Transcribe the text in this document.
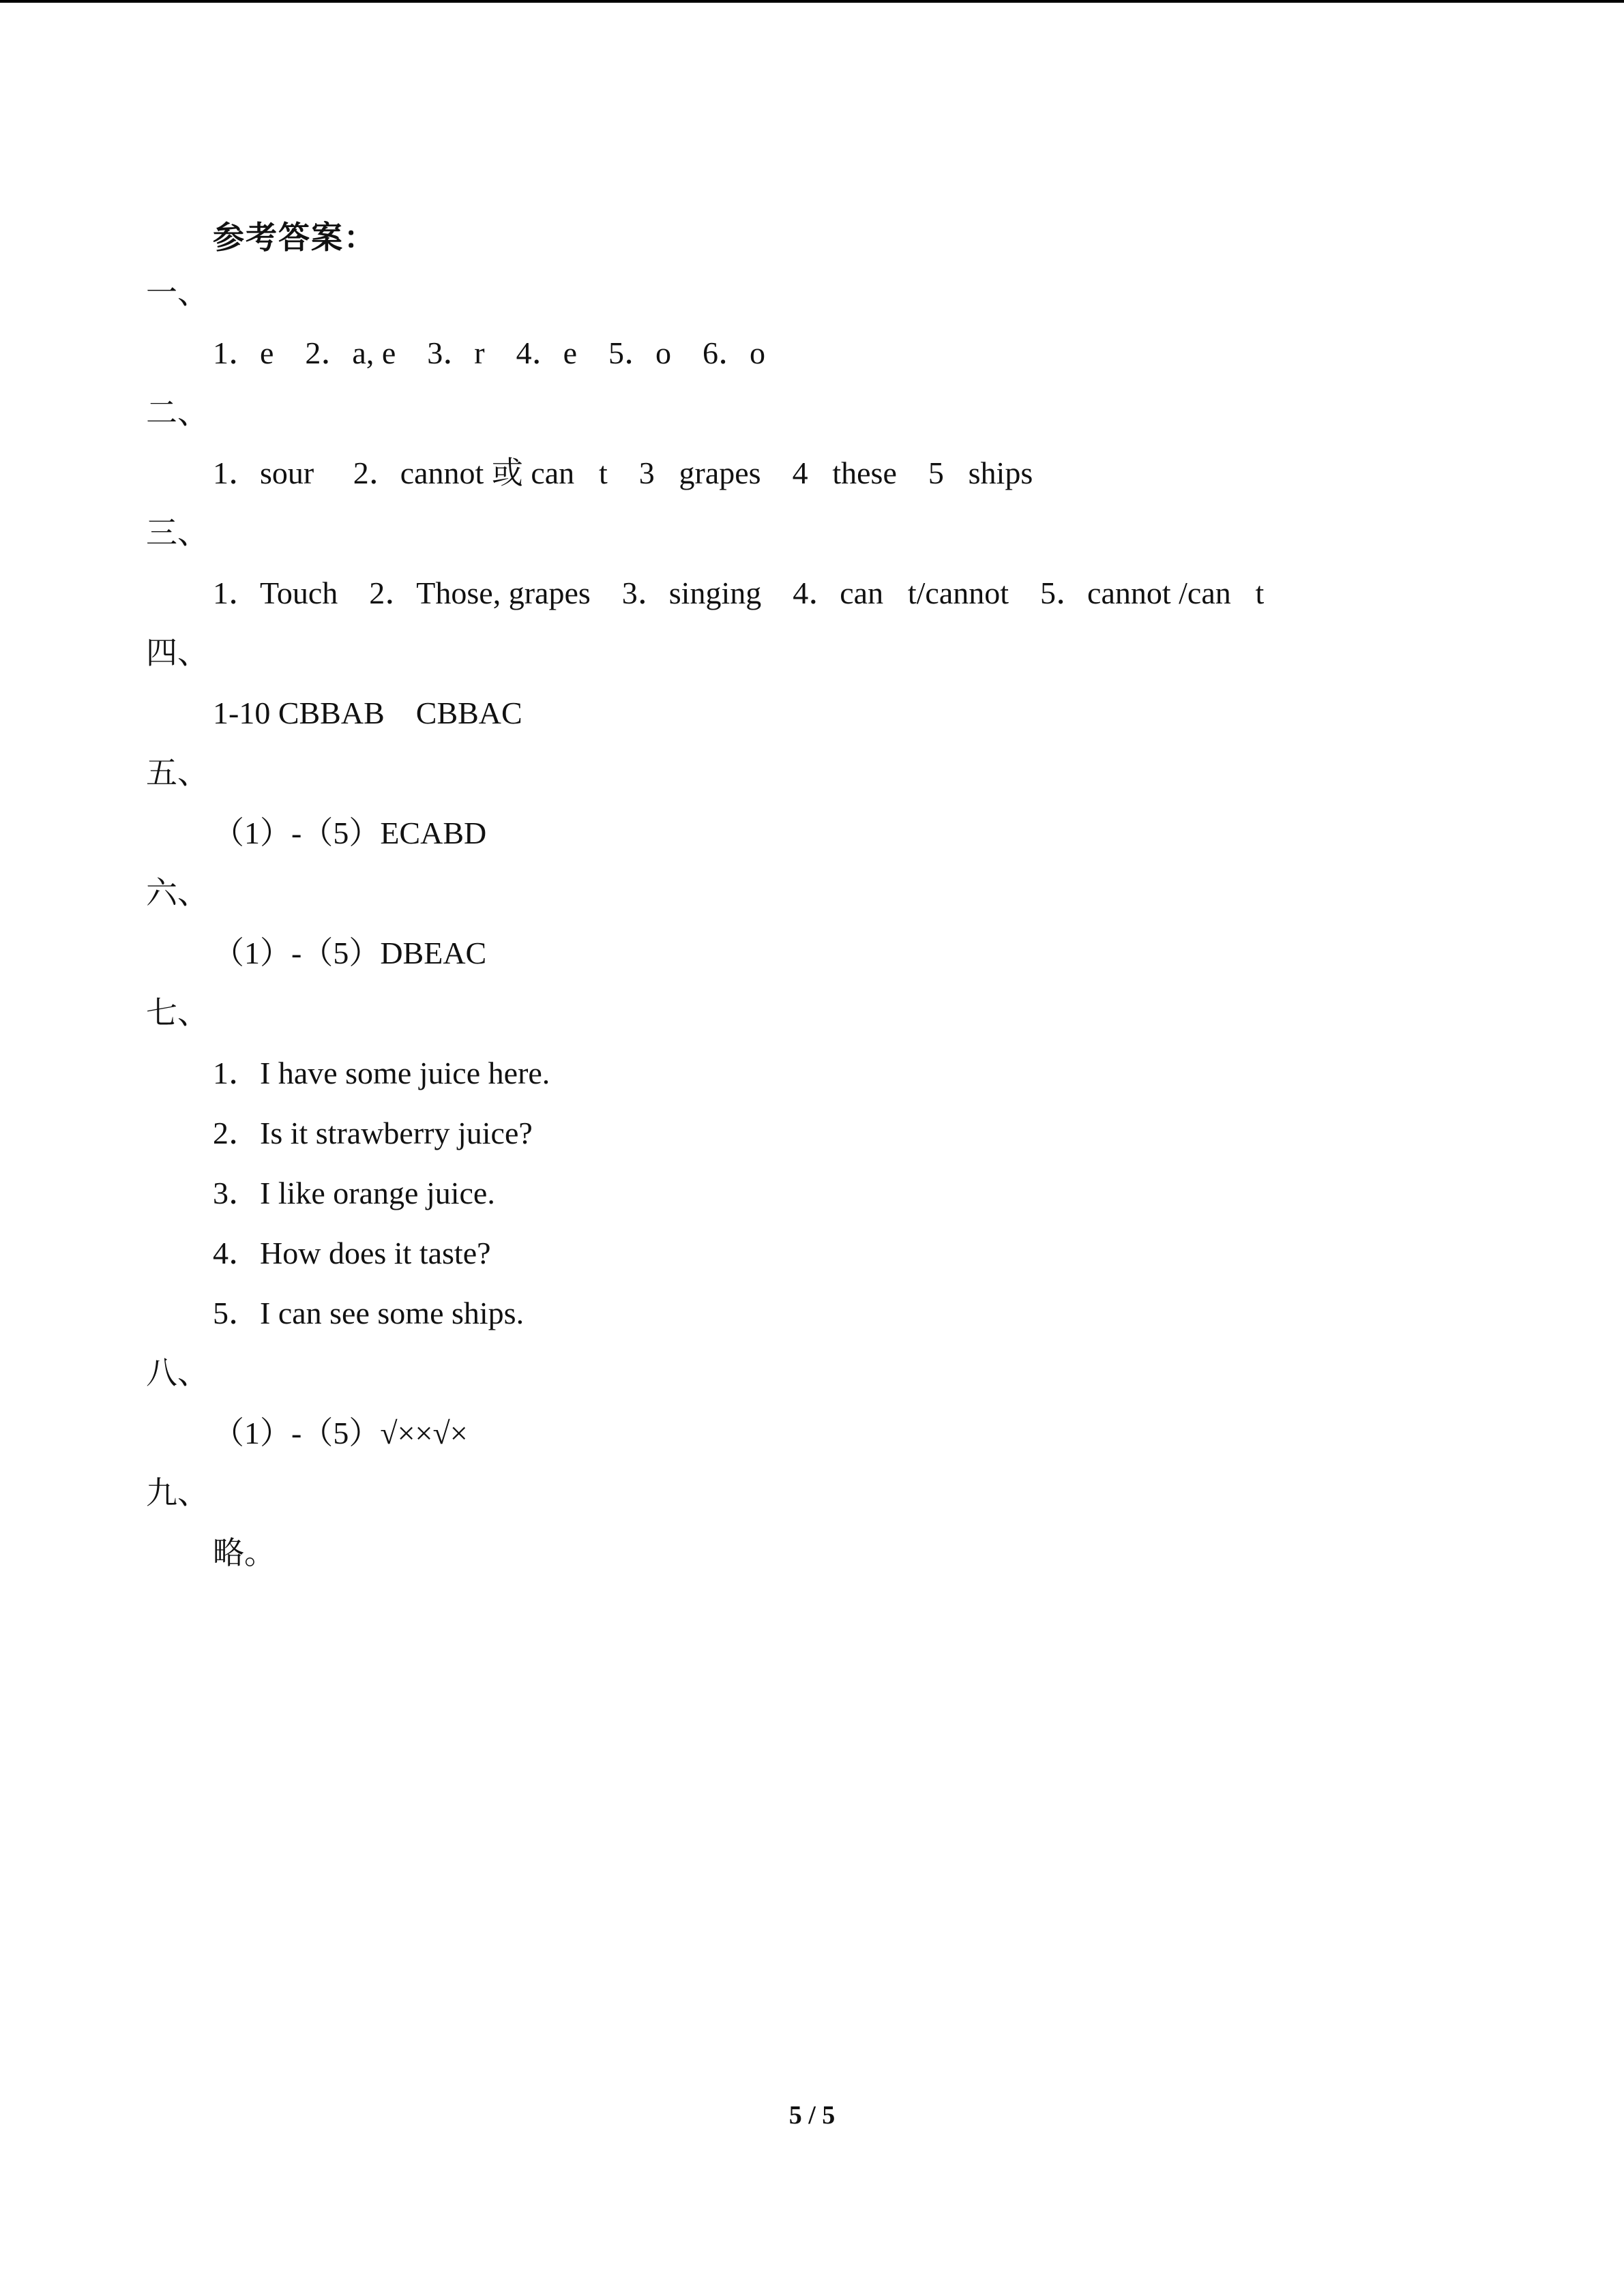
参考答案：
一、
1．e　2．a, e　3．r　4．e　5．o　6．o
二、
1．sour　 2．cannot 或 can t　3．grapes　4．these　5．ships
三、
1．Touch　2．Those, grapes　3．singing　4．can t/cannot　5．cannot /can t
四、
1-10 CBBAB　CBBAC
五、
（1）-（5）ECABD
六、
（1）-（5）DBEAC
七、
1．I have some juice here.
2．Is it strawberry juice?
3．I like orange juice.
4．How does it taste?
5．I can see some ships.
八、
（1）-（5）√××√×
九、
略。
5 / 5
